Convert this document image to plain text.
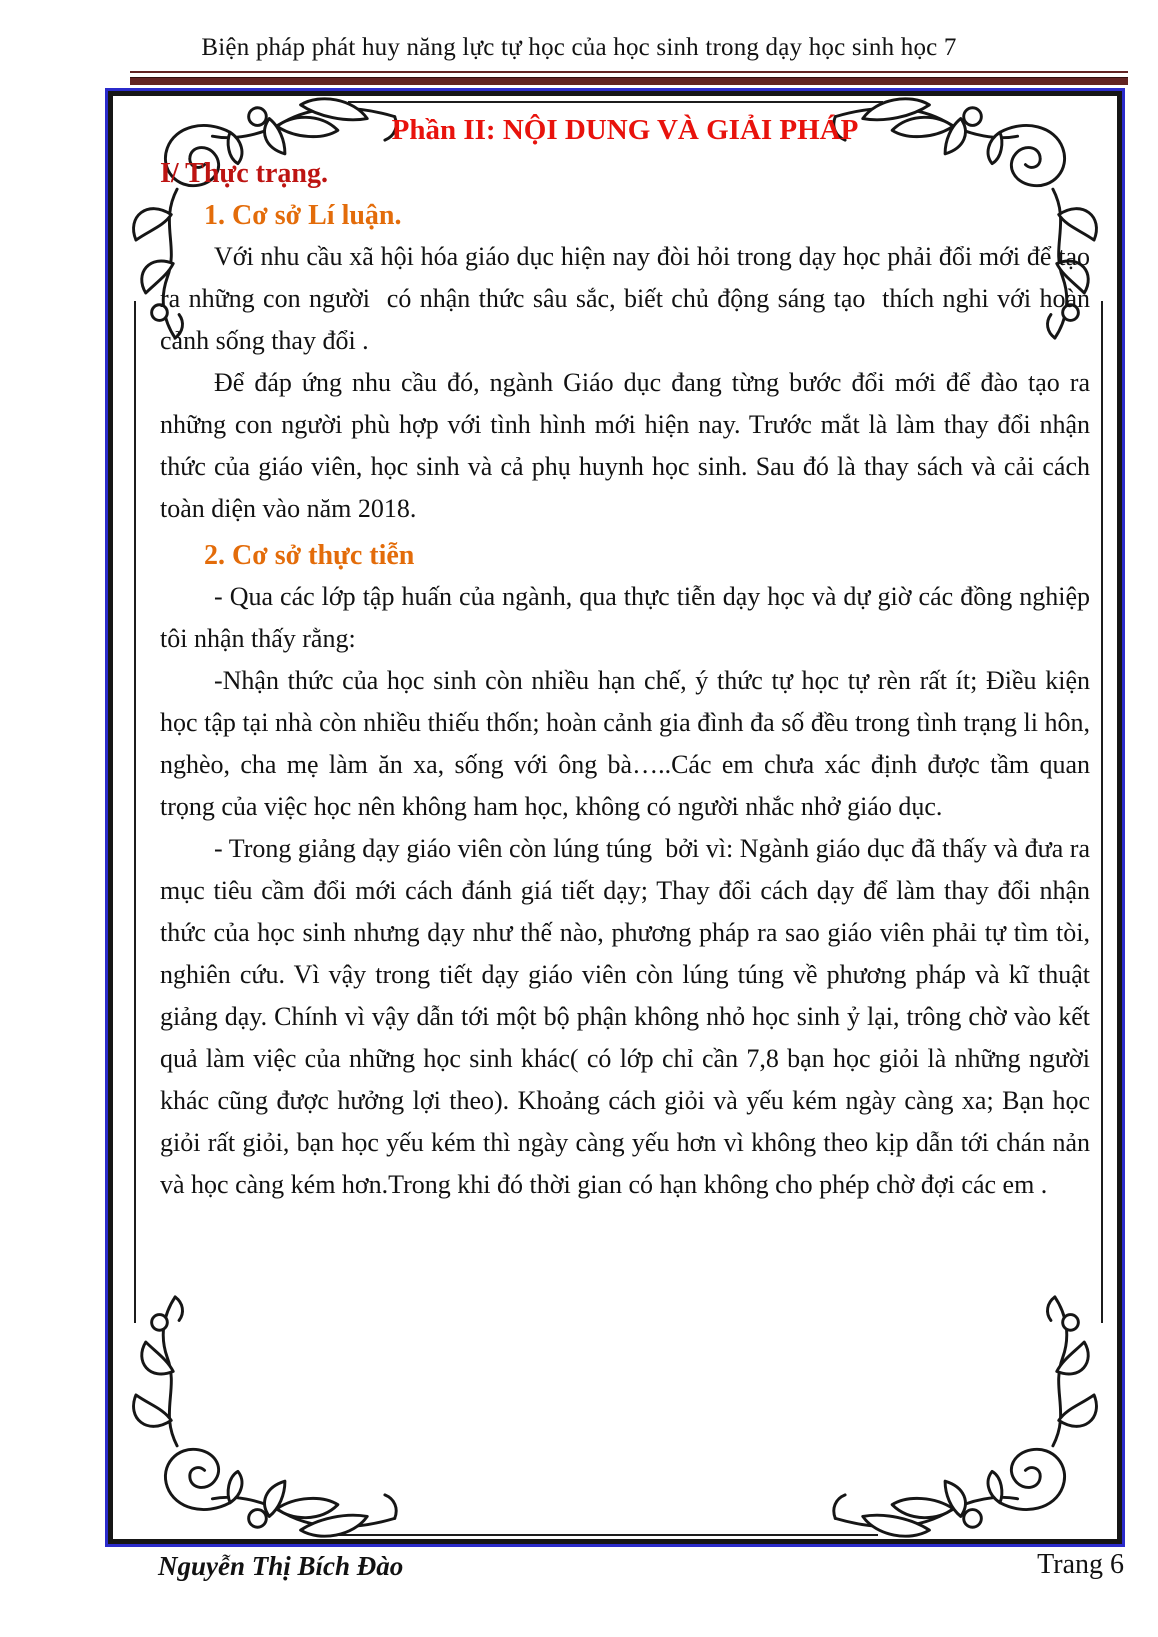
Biện pháp phát huy năng lực tự học của học sinh trong dạy học sinh học 7
Phần II: NỘI DUNG VÀ GIẢI PHÁP
I/ Thực trạng.
1. Cơ sở Lí luận.

Với nhu cầu xã hội hóa giáo dục hiện nay đòi hỏi trong dạy học phải đổi mới để tạo ra những con người  có nhận thức sâu sắc, biết chủ động sáng tạo  thích nghi với hoàn cảnh sống thay đổi .

Để đáp ứng nhu cầu đó, ngành Giáo dục đang từng bước đổi mới để đào tạo ra những con người phù hợp với tình hình mới hiện nay. Trước mắt là làm thay đổi nhận thức của giáo viên, học sinh và cả phụ huynh học sinh. Sau đó là thay sách và cải cách toàn diện vào năm 2018.

2. Cơ sở thực tiễn

- Qua các lớp tập huấn của ngành, qua thực tiễn dạy học và dự giờ các đồng nghiệp tôi nhận thấy rằng:

-Nhận thức của học sinh còn nhiều hạn chế, ý thức tự học tự rèn rất ít; Điều kiện học tập tại nhà còn nhiều thiếu thốn; hoàn cảnh gia đình đa số đều trong tình trạng li hôn, nghèo, cha mẹ làm ăn xa, sống với ông bà…..Các em chưa xác định được tầm quan trọng của việc học nên không ham học, không có người nhắc nhở giáo dục.

- Trong giảng dạy giáo viên còn lúng túng  bởi vì: Ngành giáo dục đã thấy và đưa ra mục tiêu cầm đổi mới cách đánh giá tiết dạy; Thay đổi cách dạy để làm thay đổi nhận thức của học sinh nhưng dạy như thế nào, phương pháp ra sao giáo viên phải tự tìm tòi, nghiên cứu. Vì vậy trong tiết dạy giáo viên còn lúng túng về phương pháp và kĩ thuật giảng dạy. Chính vì vậy dẫn tới một bộ phận không nhỏ học sinh ỷ lại, trông chờ vào kết quả làm việc của những học sinh khác( có lớp chỉ cần 7,8 bạn học giỏi là những người khác cũng được hưởng lợi theo). Khoảng cách giỏi và yếu kém ngày càng xa; Bạn học giỏi rất giỏi, bạn học yếu kém thì ngày càng yếu hơn vì không theo kịp dẫn tới chán nản và học càng kém hơn.Trong khi đó thời gian có hạn không cho phép chờ đợi các em .

Nguyễn Thị Bích Đào	Trang 6
